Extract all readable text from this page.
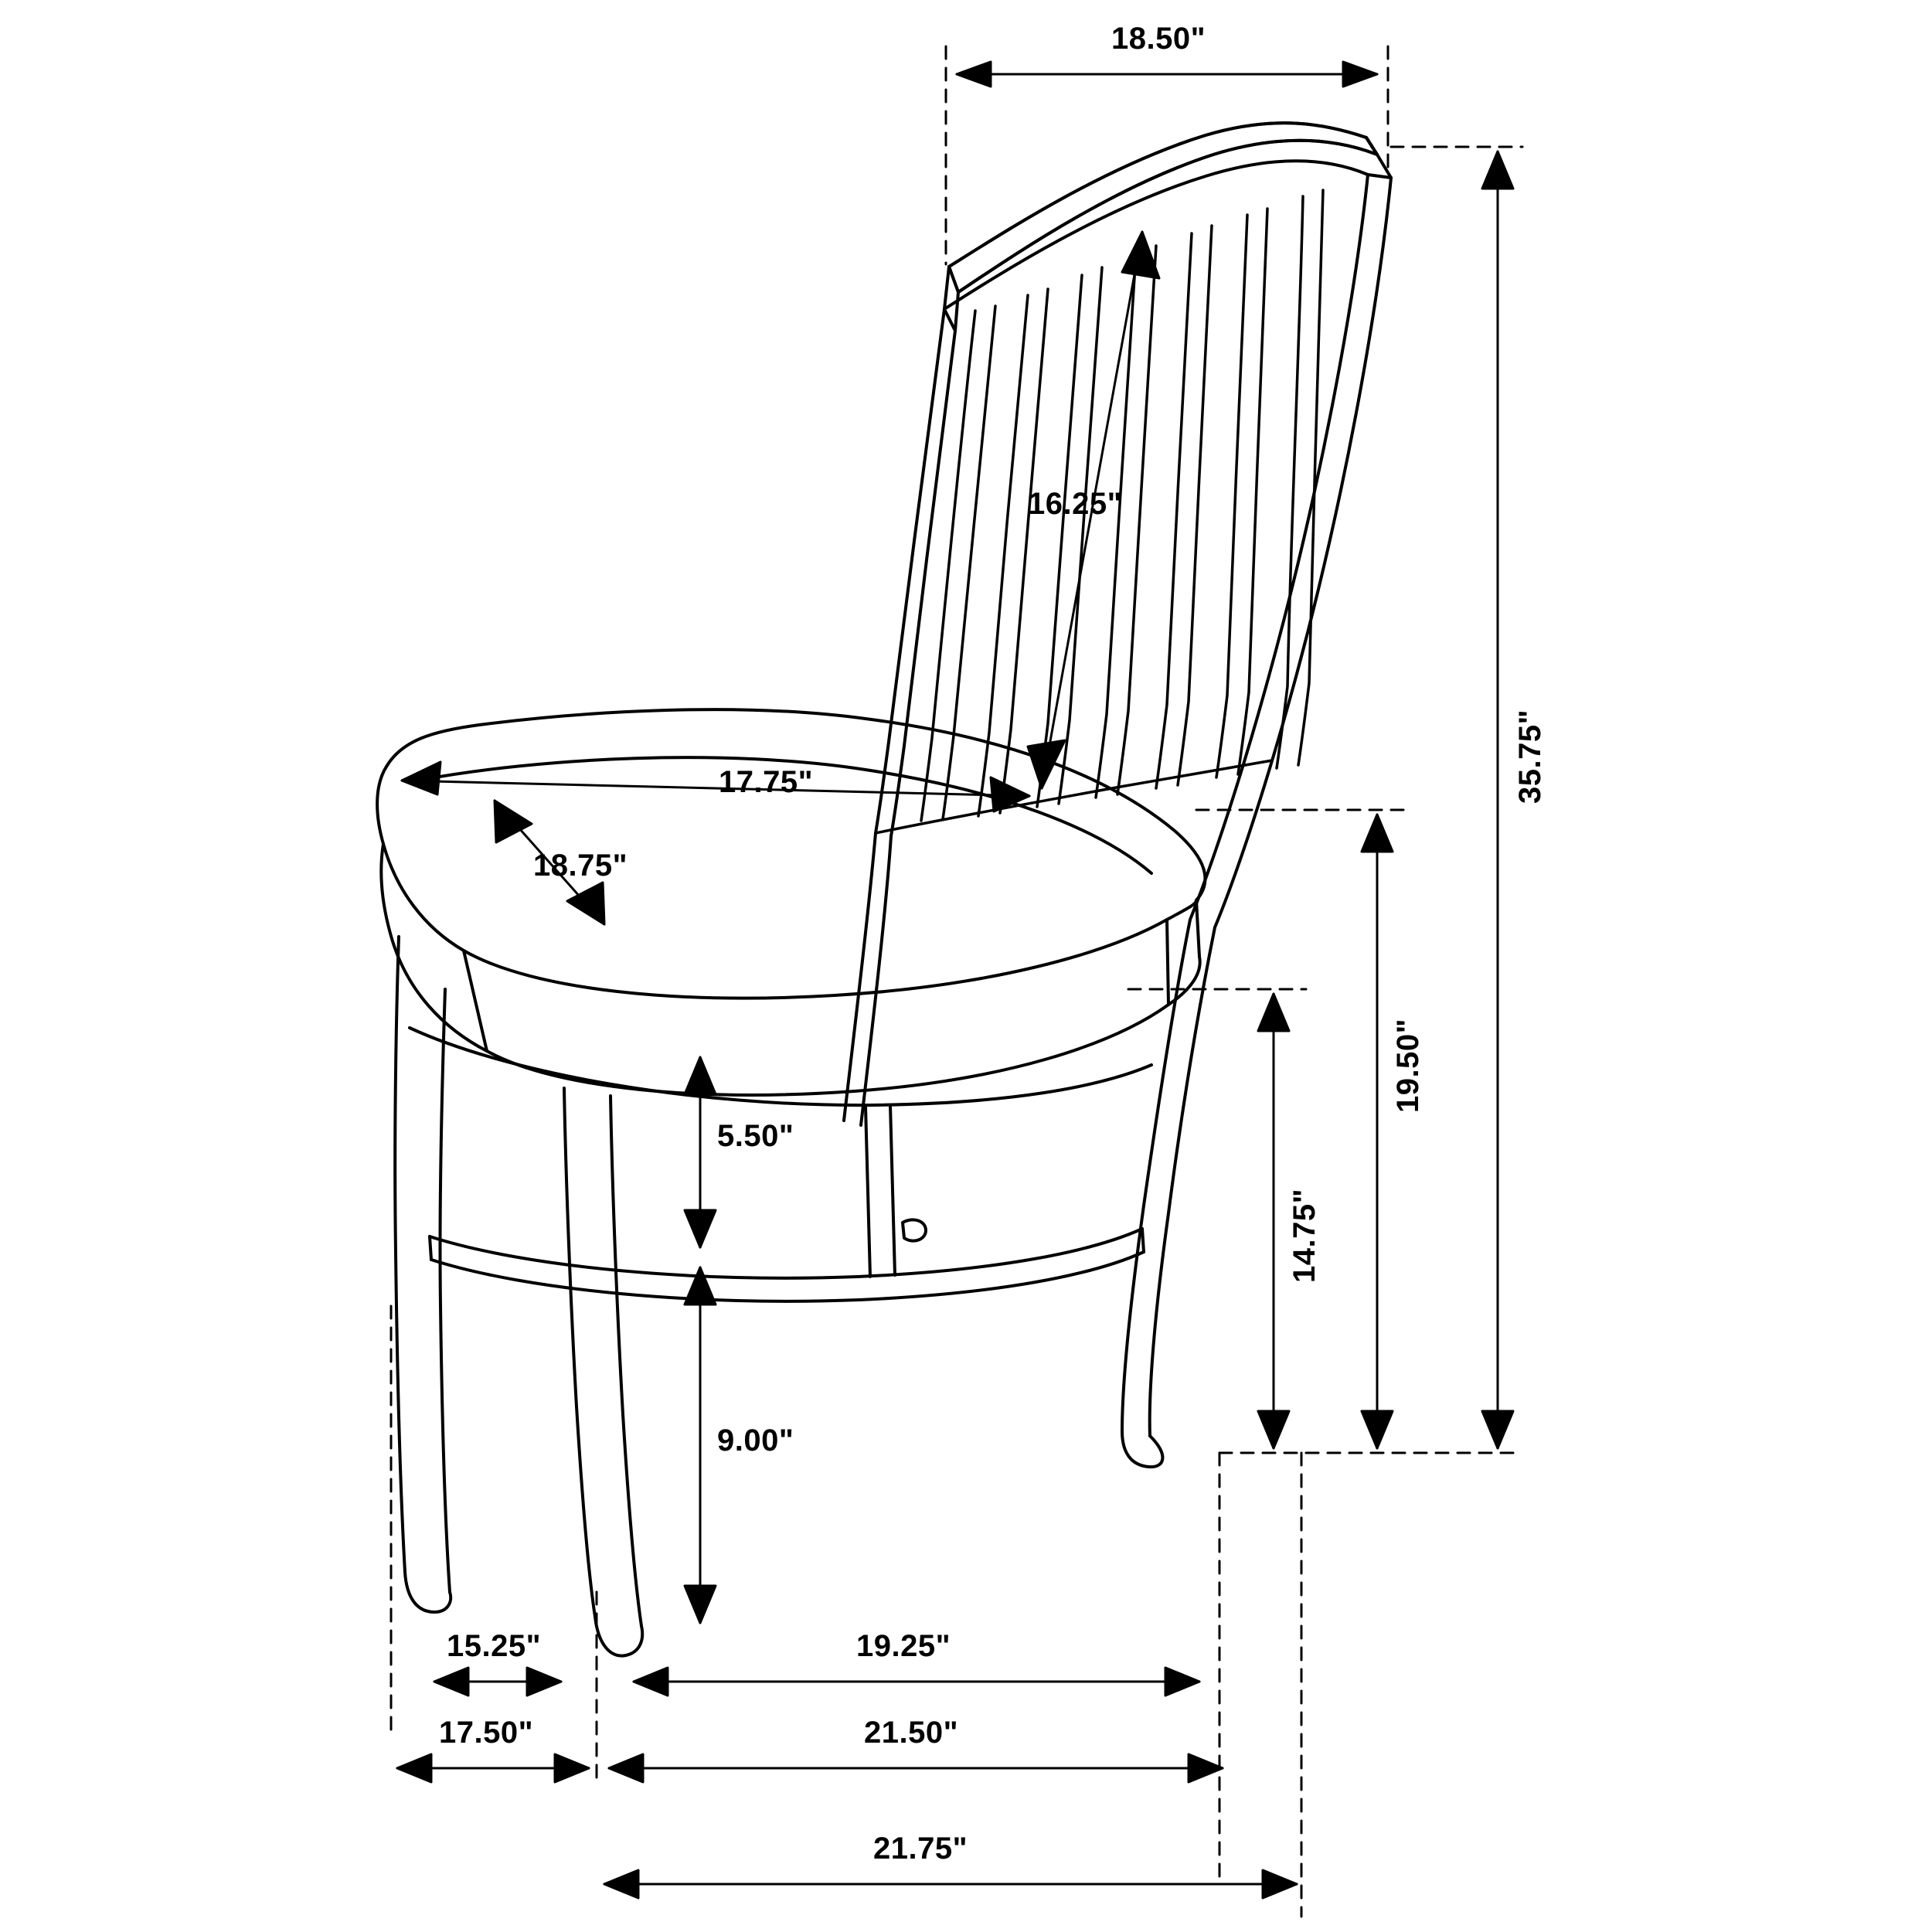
18.50"
16.25"
17.75"
18.75"
35.75"
19.50"
14.75"
5.50"
9.00"
15.25"	19.25"
17.50"	21.50"
21.75"
